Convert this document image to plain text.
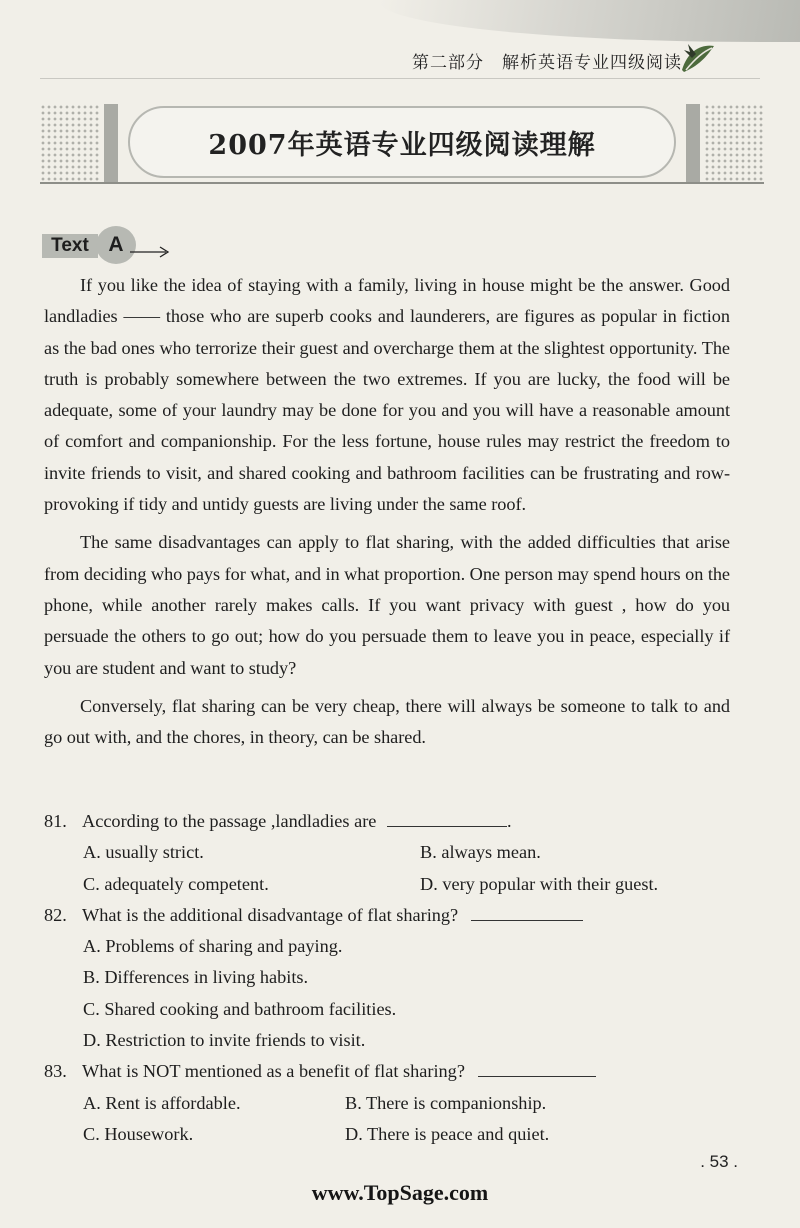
第二部分　解析英语专业四级阅读
2007年英语专业四级阅读理解
Text A

If you like the idea of staying with a family, living in house might be the answer. Good landladies —— those who are superb cooks and launderers, are figures as popular in fiction as the bad ones who terrorize their guest and overcharge them at the slightest opportunity. The truth is probably somewhere between the two extremes. If you are lucky, the food will be adequate, some of your laundry may be done for you and you will have a reasonable amount of comfort and companionship. For the less fortune, house rules may restrict the freedom to invite friends to visit, and shared cooking and bathroom facilities can be frustrating and row-provoking if tidy and untidy guests are living under the same roof.

The same disadvantages can apply to flat sharing, with the added difficulties that arise from deciding who pays for what, and in what proportion. One person may spend hours on the phone, while another rarely makes calls. If you want privacy with guest , how do you persuade the others to go out; how do you persuade them to leave you in peace, especially if you are student and want to study?

Conversely, flat sharing can be very cheap, there will always be someone to talk to and go out with, and the chores, in theory, can be shared.

81. According to the passage ,landladies are	.
A. usually strict.	B. always mean.
C. adequately competent.	D. very popular with their guest.
82. What is the additional disadvantage of flat sharing?
A. Problems of sharing and paying.
B. Differences in living habits.
C. Shared cooking and bathroom facilities.
D. Restriction to invite friends to visit.
83. What is NOT mentioned as a benefit of flat sharing?
A. Rent is affordable.	B. There is companionship.
C. Housework.	D. There is peace and quiet.
. 53 .
www.TopSage.com
